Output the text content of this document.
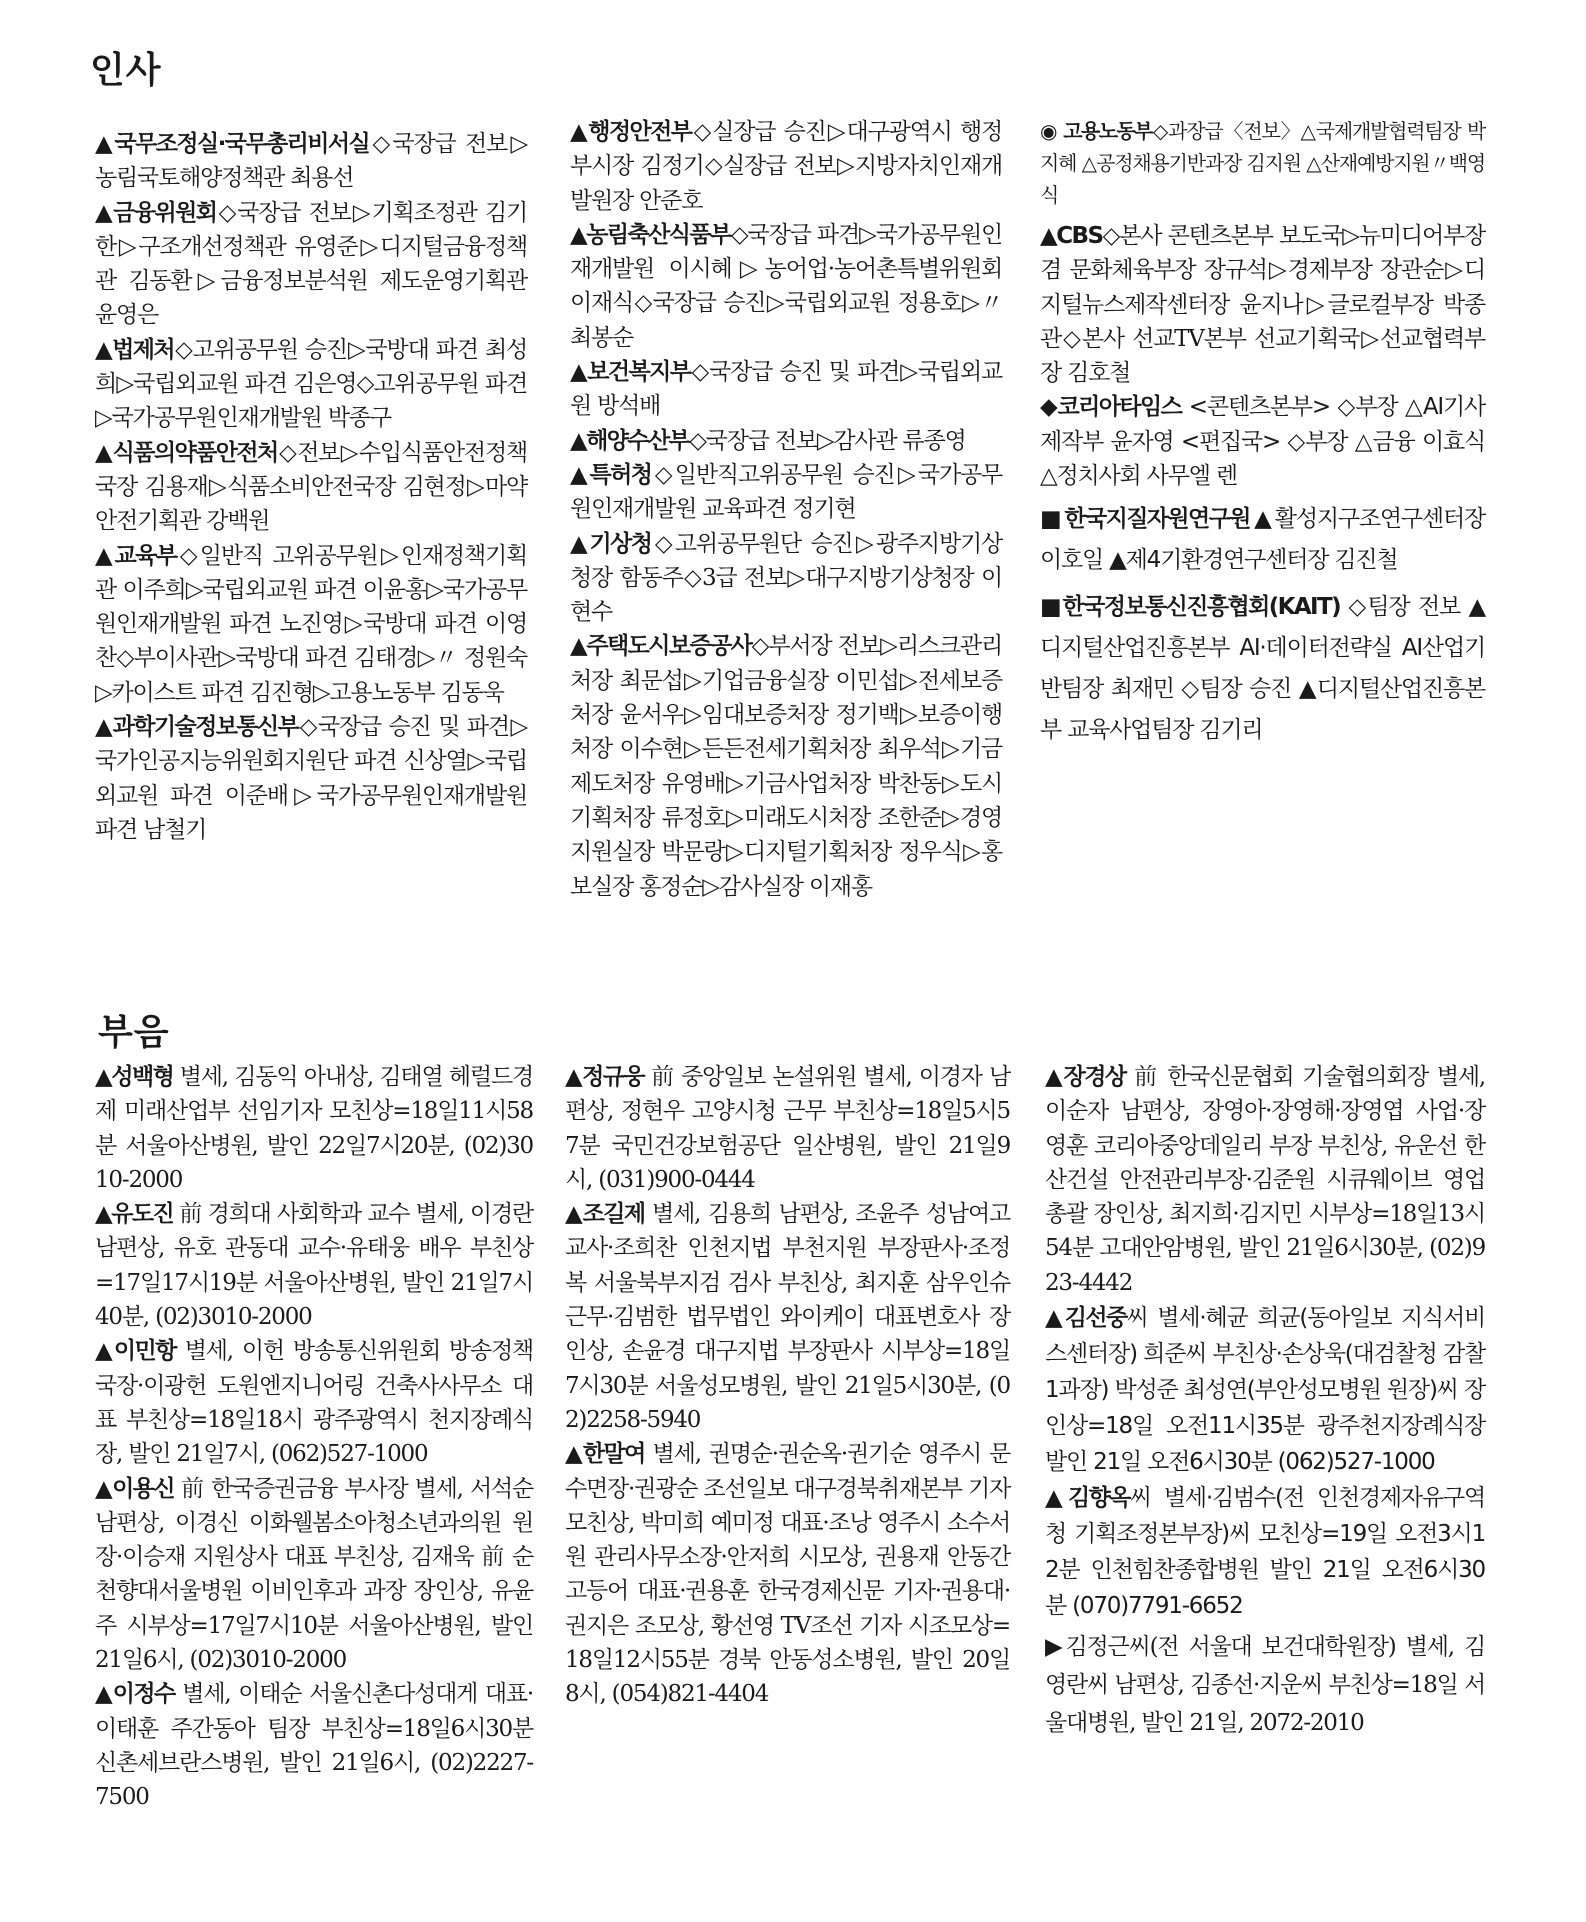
인사

▲국무조정실·국무총리비서실◇국장급 전보▷농림국토해양정책관 최용선

▲금융위원회◇국장급 전보▷기획조정관 김기한▷구조개선정책관 유영준▷디지털금융정책관 김동환▷금융정보분석원 제도운영기획관 윤영은

▲법제처◇고위공무원 승진▷국방대 파견 최성희▷국립외교원 파견 김은영◇고위공무원 파견▷국가공무원인재개발원 박종구

▲식품의약품안전처◇전보▷수입식품안전정책국장 김용재▷식품소비안전국장 김현정▷마약안전기획관 강백원

▲교육부◇일반직 고위공무원▷인재정책기획관 이주희▷국립외교원 파견 이윤홍▷국가공무원인재개발원 파견 노진영▷국방대 파견 이영찬◇부이사관▷국방대 파견 김태경▷〃 정원숙▷카이스트 파견 김진형▷고용노동부 김동욱

▲과학기술정보통신부◇국장급 승진 및 파견▷국가인공지능위원회지원단 파견 신상열▷국립외교원 파견 이준배▷국가공무원인재개발원 파견 남철기

▲행정안전부◇실장급 승진▷대구광역시 행정부시장 김정기◇실장급 전보▷지방자치인재개발원장 안준호

▲농림축산식품부◇국장급 파견▷국가공무원인재개발원 이시혜▷농어업·농어촌특별위원회 이재식◇국장급 승진▷국립외교원 정용호▷〃 최봉순

▲보건복지부◇국장급 승진 및 파견▷국립외교원 방석배

▲해양수산부◇국장급 전보▷감사관 류종영

▲특허청◇일반직고위공무원 승진▷국가공무원인재개발원 교육파견 정기현

▲기상청◇고위공무원단 승진▷광주지방기상청장 함동주◇3급 전보▷대구지방기상청장 이현수

▲주택도시보증공사◇부서장 전보▷리스크관리처장 최문섭▷기업금융실장 이민섭▷전세보증처장 윤서우▷임대보증처장 정기백▷보증이행처장 이수현▷든든전세기획처장 최우석▷기금제도처장 유영배▷기금사업처장 박찬동▷도시기획처장 류정호▷미래도시처장 조한준▷경영지원실장 박문랑▷디지털기획처장 정우식▷홍보실장 홍정순▷감사실장 이재홍

◉ 고용노동부◇과장급〈전보〉△국제개발협력팀장 박지혜 △공정채용기반과장 김지원 △산재예방지원〃백영식

▲CBS◇본사 콘텐츠본부 보도국▷뉴미디어부장 겸 문화체육부장 장규석▷경제부장 장관순▷디지털뉴스제작센터장 윤지나▷글로컬부장 박종관◇본사 선교TV본부 선교기획국▷선교협력부장 김호철

◆코리아타임스 <콘텐츠본부> ◇부장 △AI기사제작부 윤자영 <편집국> ◇부장 △금융 이효식 △정치사회 사무엘 렌

■한국지질자원연구원▲활성지구조연구센터장 이호일 ▲제4기환경연구센터장 김진철

■한국정보통신진흥협회(KAIT) ◇팀장 전보 ▲디지털산업진흥본부 AI·데이터전략실 AI산업기반팀장 최재민 ◇팀장 승진 ▲디지털산업진흥본부 교육사업팀장 김기리

부음

▲성백형 별세, 김동익 아내상, 김태열 헤럴드경제 미래산업부 선임기자 모친상=18일11시58분 서울아산병원, 발인 22일7시20분, (02)3010-2000

▲유도진 前 경희대 사회학과 교수 별세, 이경란 남편상, 유호 관동대 교수·유태웅 배우 부친상=17일17시19분 서울아산병원, 발인 21일7시40분, (02)3010-2000

▲이민항 별세, 이헌 방송통신위원회 방송정책국장·이광헌 도원엔지니어링 건축사사무소 대표 부친상=18일18시 광주광역시 천지장례식장, 발인 21일7시, (062)527-1000

▲이용신 前 한국증권금융 부사장 별세, 서석순 남편상, 이경신 이화웰봄소아청소년과의원 원장·이승재 지원상사 대표 부친상, 김재욱 前 순천향대서울병원 이비인후과 과장 장인상, 유윤주 시부상=17일7시10분 서울아산병원, 발인 21일6시, (02)3010-2000

▲이정수 별세, 이태순 서울신촌다성대게 대표·이태훈 주간동아 팀장 부친상=18일6시30분 신촌세브란스병원, 발인 21일6시, (02)2227-7500

▲정규웅 前 중앙일보 논설위원 별세, 이경자 남편상, 정현우 고양시청 근무 부친상=18일5시57분 국민건강보험공단 일산병원, 발인 21일9시, (031)900-0444

▲조길제 별세, 김용희 남편상, 조윤주 성남여고 교사·조희찬 인천지법 부천지원 부장판사·조정복 서울북부지검 검사 부친상, 최지훈 삼우인슈 근무·김범한 법무법인 와이케이 대표변호사 장인상, 손윤경 대구지법 부장판사 시부상=18일7시30분 서울성모병원, 발인 21일5시30분, (02)2258-5940

▲한말여 별세, 권명순·권순옥·권기순 영주시 문수면장·권광순 조선일보 대구경북취재본부 기자 모친상, 박미희 예미정 대표·조낭 영주시 소수서원 관리사무소장·안저희 시모상, 권용재 안동간고등어 대표·권용훈 한국경제신문 기자·권용대·권지은 조모상, 황선영 TV조선 기자 시조모상=18일12시55분 경북 안동성소병원, 발인 20일8시, (054)821-4404

▲장경상 前 한국신문협회 기술협의회장 별세, 이순자 남편상, 장영아·장영해·장영엽 사업·장영훈 코리아중앙데일리 부장 부친상, 유운선 한산건설 안전관리부장·김준원 시큐웨이브 영업총괄 장인상, 최지희·김지민 시부상=18일13시54분 고대안암병원, 발인 21일6시30분, (02)923-4442

▲김선중씨 별세·혜균 희균(동아일보 지식서비스센터장) 희준씨 부친상·손상욱(대검찰청 감찰1과장) 박성준 최성연(부안성모병원 원장)씨 장인상=18일 오전11시35분 광주천지장례식장 발인 21일 오전6시30분 (062)527-1000

▲김향옥씨 별세·김범수(전 인천경제자유구역청 기획조정본부장)씨 모친상=19일 오전3시12분 인천힘찬종합병원 발인 21일 오전6시30분 (070)7791-6652

▶김정근씨(전 서울대 보건대학원장) 별세, 김영란씨 남편상, 김종선·지운씨 부친상=18일 서울대병원, 발인 21일, 2072-2010
